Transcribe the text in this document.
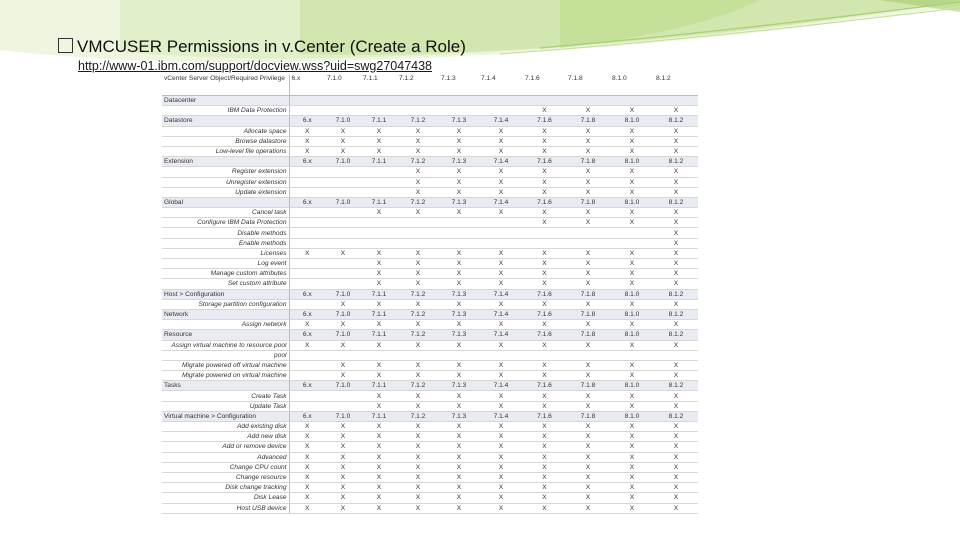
VMCUSER Permissions in v.Center (Create a Role)
http://www-01.ibm.com/support/docview.wss?uid=swg27047438
vCenter Server Object/Required Privilege	6.x	7.1.0	7.1.1	7.1.2	7.1.3	7.1.4	7.1.6	7.1.8	8.1.0	8.1.2
Datacenter										
IBM Data Protection							X	X	X	X
Datastore	6.x	7.1.0	7.1.1	7.1.2	7.1.3	7.1.4	7.1.6	7.1.8	8.1.0	8.1.2
Allocate space	X	X	X	X	X	X	X	X	X	X
Browse datastore	X	X	X	X	X	X	X	X	X	X
Low-level file operations	X	X	X	X	X	X	X	X	X	X
Extension	6.x	7.1.0	7.1.1	7.1.2	7.1.3	7.1.4	7.1.6	7.1.8	8.1.0	8.1.2
Register extension				X	X	X	X	X	X	X
Unregister extension				X	X	X	X	X	X	X
Update extension				X	X	X	X	X	X	X
Global	6.x	7.1.0	7.1.1	7.1.2	7.1.3	7.1.4	7.1.6	7.1.8	8.1.0	8.1.2
Cancel task			X	X	X	X	X	X	X	X
Configure IBM Data Protection							X	X	X	X
Disable methods										X
Enable methods										X
Licenses	X	X	X	X	X	X	X	X	X	X
Log event			X	X	X	X	X	X	X	X
Manage custom attributes			X	X	X	X	X	X	X	X
Set custom attribute			X	X	X	X	X	X	X	X
Host > Configuration	6.x	7.1.0	7.1.1	7.1.2	7.1.3	7.1.4	7.1.6	7.1.8	8.1.0	8.1.2
Storage partition configuration		X	X	X	X	X	X	X	X	X
Network	6.x	7.1.0	7.1.1	7.1.2	7.1.3	7.1.4	7.1.6	7.1.8	8.1.0	8.1.2
Assign network	X	X	X	X	X	X	X	X	X	X
Resource	6.x	7.1.0	7.1.1	7.1.2	7.1.3	7.1.4	7.1.6	7.1.8	8.1.0	8.1.2
Assign virtual machine to resource pool	X	X	X	X	X	X	X	X	X	X
pool										
Migrate powered off virtual machine		X	X	X	X	X	X	X	X	X
Migrate powered on virtual machine		X	X	X	X	X	X	X	X	X
Tasks	6.x	7.1.0	7.1.1	7.1.2	7.1.3	7.1.4	7.1.6	7.1.8	8.1.0	8.1.2
Create Task			X	X	X	X	X	X	X	X
Update Task			X	X	X	X	X	X	X	X
Virtual machine > Configuration	6.x	7.1.0	7.1.1	7.1.2	7.1.3	7.1.4	7.1.6	7.1.8	8.1.0	8.1.2
Add existing disk	X	X	X	X	X	X	X	X	X	X
Add new disk	X	X	X	X	X	X	X	X	X	X
Add or remove device	X	X	X	X	X	X	X	X	X	X
Advanced	X	X	X	X	X	X	X	X	X	X
Change CPU count	X	X	X	X	X	X	X	X	X	X
Change resource	X	X	X	X	X	X	X	X	X	X
Disk change tracking	X	X	X	X	X	X	X	X	X	X
Disk Lease	X	X	X	X	X	X	X	X	X	X
Host USB device	X	X	X	X	X	X	X	X	X	X
